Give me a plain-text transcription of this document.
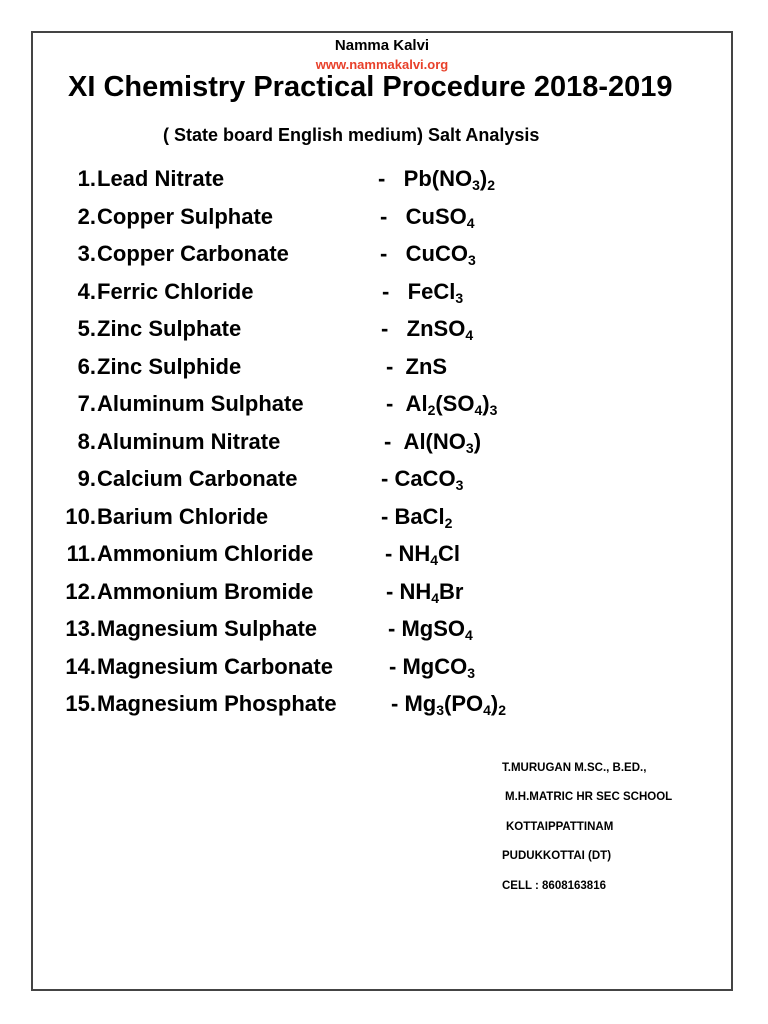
Namma Kalvi
www.nammakalvi.org
XI Chemistry Practical Procedure 2018-2019
( State board English medium) Salt Analysis
1. Lead Nitrate	-   $Pb(NO_3)_2$
2. Copper Sulphate	-   CuSO$_4$
3. Copper Carbonate	-   CuCO$_3$
4. Ferric Chloride	-   FeCl$_3$
5. Zinc Sulphate	-   ZnSO$_4$
6. Zinc Sulphide	-  ZnS
7. Aluminum Sulphate	-  $Al_2(SO_4)_3$
8. Aluminum Nitrate	-  $Al(NO_3)$
9. Calcium Carbonate	- CaCO$_3$
10. Barium Chloride	- BaCl$_2$
11. Ammonium Chloride	- $NH_4Cl$
12. Ammonium Bromide	- $NH_4Br$
13. Magnesium Sulphate	- MgSO$_4$
14. Magnesium Carbonate	- MgCO$_3$
15. Magnesium Phosphate - $Mg_3(PO_4)_2$
T.MURUGAN M.SC., B.ED.,
M.H.MATRIC HR SEC SCHOOL
KOTTAIPPATTINAM
PUDUKKOTTAI (DT)
CELL : 8608163816
